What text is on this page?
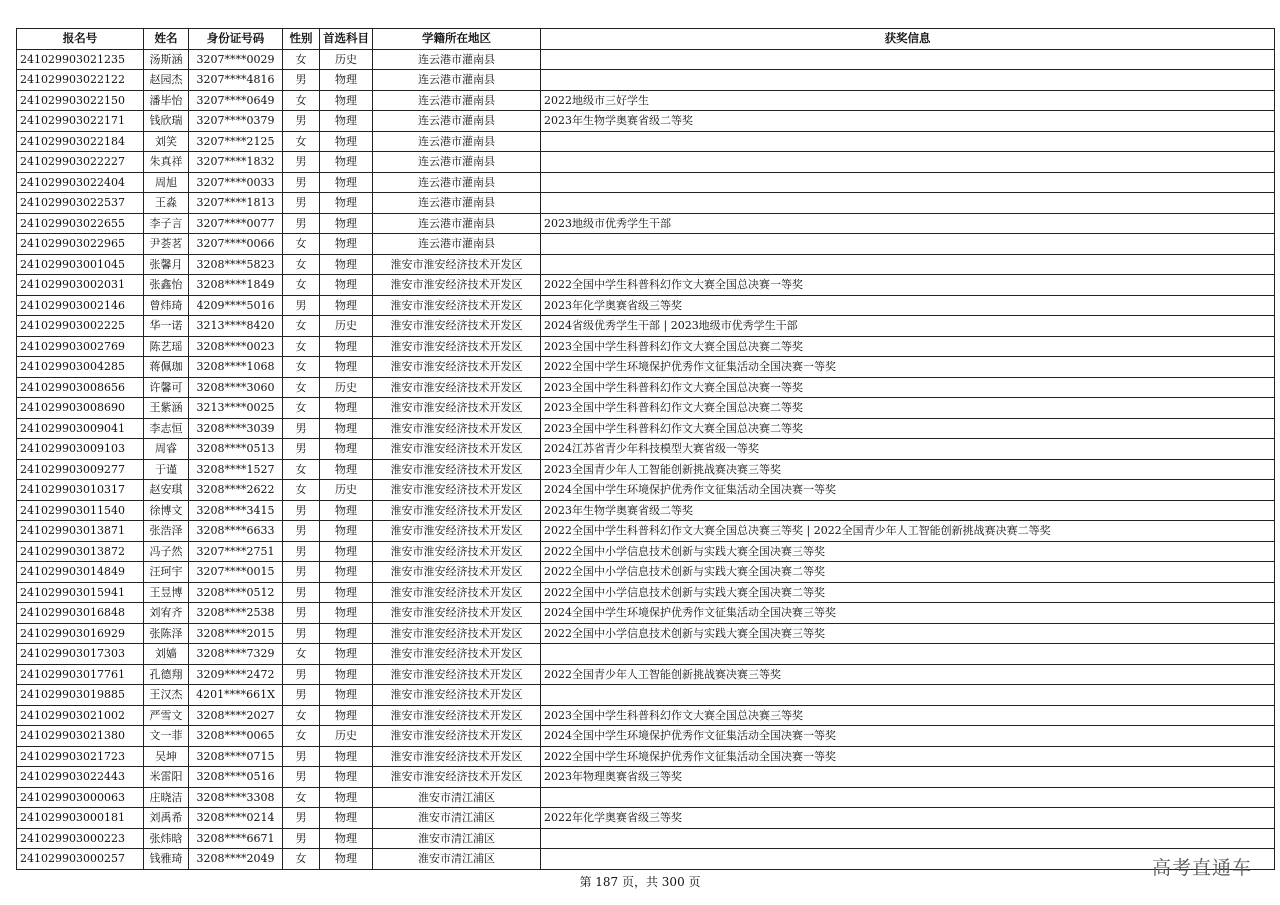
报名号	姓名	身份证号码	性别	首选科目	学籍所在地区	获奖信息
241029903021235	汤斯涵	3207****0029	女	历史	连云港市灌南县	
241029903022122	赵园杰	3207****4816	男	物理	连云港市灌南县	
241029903022150	潘毕怡	3207****0649	女	物理	连云港市灌南县	2022地级市三好学生
241029903022171	钱欣瑞	3207****0379	男	物理	连云港市灌南县	2023年生物学奥赛省级二等奖
241029903022184	刘笑	3207****2125	女	物理	连云港市灌南县	
241029903022227	朱真祥	3207****1832	男	物理	连云港市灌南县	
241029903022404	周旭	3207****0033	男	物理	连云港市灌南县	
241029903022537	王淼	3207****1813	男	物理	连云港市灌南县	
241029903022655	李子言	3207****0077	男	物理	连云港市灌南县	2023地级市优秀学生干部
241029903022965	尹荟茗	3207****0066	女	物理	连云港市灌南县	
241029903001045	张馨月	3208****5823	女	物理	淮安市淮安经济技术开发区	
241029903002031	张鑫怡	3208****1849	女	物理	淮安市淮安经济技术开发区	2022全国中学生科普科幻作文大赛全国总决赛一等奖
241029903002146	曾炜琦	4209****5016	男	物理	淮安市淮安经济技术开发区	2023年化学奥赛省级三等奖
241029903002225	华一诺	3213****8420	女	历史	淮安市淮安经济技术开发区	2024省级优秀学生干部 | 2023地级市优秀学生干部
241029903002769	陈艺瑶	3208****0023	女	物理	淮安市淮安经济技术开发区	2023全国中学生科普科幻作文大赛全国总决赛二等奖
241029903004285	蒋佩珈	3208****1068	女	物理	淮安市淮安经济技术开发区	2022全国中学生环境保护优秀作文征集活动全国决赛一等奖
241029903008656	许馨可	3208****3060	女	历史	淮安市淮安经济技术开发区	2023全国中学生科普科幻作文大赛全国总决赛一等奖
241029903008690	王紫涵	3213****0025	女	物理	淮安市淮安经济技术开发区	2023全国中学生科普科幻作文大赛全国总决赛二等奖
241029903009041	李志恒	3208****3039	男	物理	淮安市淮安经济技术开发区	2023全国中学生科普科幻作文大赛全国总决赛二等奖
241029903009103	周睿	3208****0513	男	物理	淮安市淮安经济技术开发区	2024江苏省青少年科技模型大赛省级一等奖
241029903009277	于谨	3208****1527	女	物理	淮安市淮安经济技术开发区	2023全国青少年人工智能创新挑战赛决赛三等奖
241029903010317	赵安琪	3208****2622	女	历史	淮安市淮安经济技术开发区	2024全国中学生环境保护优秀作文征集活动全国决赛一等奖
241029903011540	徐博文	3208****3415	男	物理	淮安市淮安经济技术开发区	2023年生物学奥赛省级二等奖
241029903013871	张浩泽	3208****6633	男	物理	淮安市淮安经济技术开发区	2022全国中学生科普科幻作文大赛全国总决赛三等奖 | 2022全国青少年人工智能创新挑战赛决赛二等奖
241029903013872	冯子然	3207****2751	男	物理	淮安市淮安经济技术开发区	2022全国中小学信息技术创新与实践大赛全国决赛三等奖
241029903014849	汪珂宇	3207****0015	男	物理	淮安市淮安经济技术开发区	2022全国中小学信息技术创新与实践大赛全国决赛二等奖
241029903015941	王昱博	3208****0512	男	物理	淮安市淮安经济技术开发区	2022全国中小学信息技术创新与实践大赛全国决赛二等奖
241029903016848	刘宥齐	3208****2538	男	物理	淮安市淮安经济技术开发区	2024全国中学生环境保护优秀作文征集活动全国决赛三等奖
241029903016929	张陈泽	3208****2015	男	物理	淮安市淮安经济技术开发区	2022全国中小学信息技术创新与实践大赛全国决赛三等奖
241029903017303	刘嫱	3208****7329	女	物理	淮安市淮安经济技术开发区	
241029903017761	孔德翔	3209****2472	男	物理	淮安市淮安经济技术开发区	2022全国青少年人工智能创新挑战赛决赛三等奖
241029903019885	王汉杰	4201****661X	男	物理	淮安市淮安经济技术开发区	
241029903021002	严雪文	3208****2027	女	物理	淮安市淮安经济技术开发区	2023全国中学生科普科幻作文大赛全国总决赛三等奖
241029903021380	文一菲	3208****0065	女	历史	淮安市淮安经济技术开发区	2024全国中学生环境保护优秀作文征集活动全国决赛一等奖
241029903021723	吴坤	3208****0715	男	物理	淮安市淮安经济技术开发区	2022全国中学生环境保护优秀作文征集活动全国决赛一等奖
241029903022443	米雷阳	3208****0516	男	物理	淮安市淮安经济技术开发区	2023年物理奥赛省级三等奖
241029903000063	庄晓洁	3208****3308	女	物理	淮安市清江浦区	
241029903000181	刘禹希	3208****0214	男	物理	淮安市清江浦区	2022年化学奥赛省级三等奖
241029903000223	张炜晗	3208****6671	男	物理	淮安市清江浦区	
241029903000257	钱雅琦	3208****2049	女	物理	淮安市清江浦区	
第 187 页，共 300 页
高考直通车
